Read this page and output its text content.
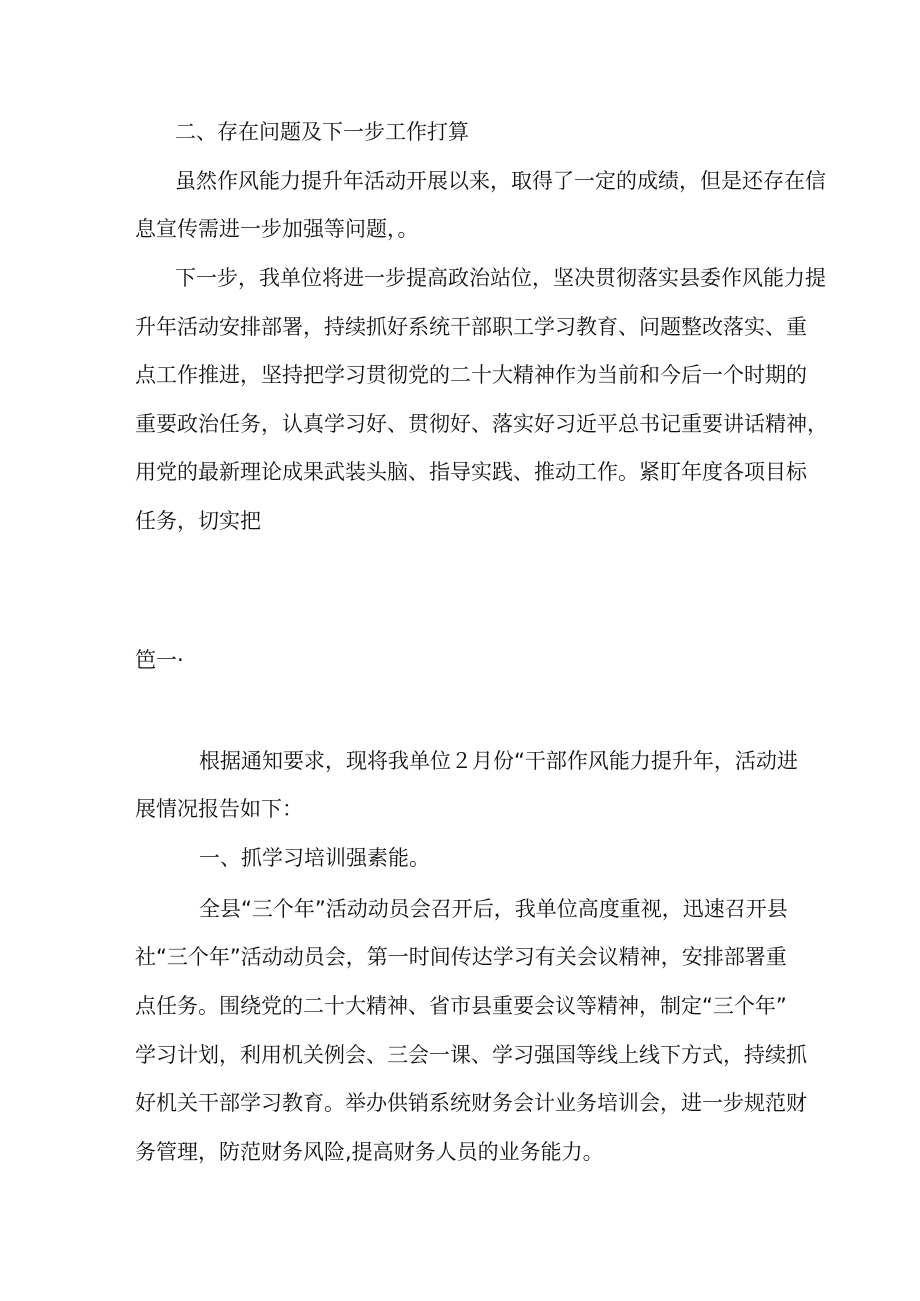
二、存在问题及下一步工作打算
虽然作风能力提升年活动开展以来，取得了一定的成绩，但是还存在信
息宣传需进一步加强等问题，。
下一步，我单位将进一步提高政治站位，坚决贯彻落实县委作风能力提
升年活动安排部署，持续抓好系统干部职工学习教育、问题整改落实、重
点工作推进，坚持把学习贯彻党的二十大精神作为当前和今后一个时期的
重要政治任务，认真学习好、贯彻好、落实好习近平总书记重要讲话精神，
用党的最新理论成果武装头脑、指导实践、推动工作。紧盯年度各项目标
任务，切实把
笆一·
根据通知要求，现将我单位２月份“干部作风能力提升年，活动进
展情况报告如下：
一、抓学习培训强素能。
全县“三个年”活动动员会召开后，我单位高度重视，迅速召开县
社“三个年”活动动员会，第一时间传达学习有关会议精神，安排部署重
点任务。围绕党的二十大精神、省市县重要会议等精神，制定“三个年”
学习计划，利用机关例会、三会一课、学习强国等线上线下方式，持续抓
好机关干部学习教育。举办供销系统财务会计业务培训会，进一步规范财
务管理，防范财务风险,提高财务人员的业务能力。
